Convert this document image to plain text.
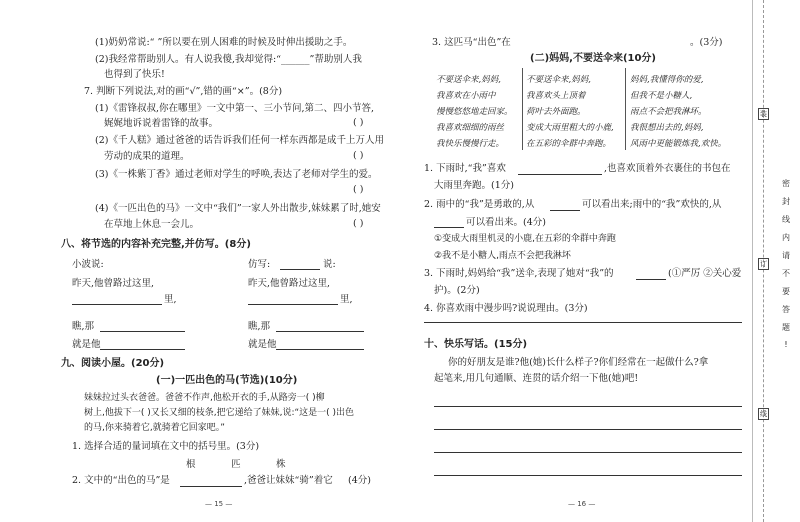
(1)奶奶常说:“ ”所以要在别人困难的时候及时伸出援助之手。
(2)我经常帮助别人。有人说我傻,我却觉得:“______”帮助别人我
也得到了快乐!
7. 判断下列说法,对的画“√”,错的画“×”。(8分)
(1)《雷锋叔叔,你在哪里》一文中第一、三小节问,第二、四小节答,
娓娓地诉说着雷锋的故事。	( )
(2)《千人糕》通过爸爸的话告诉我们任何一样东西都是成千上万人用
劳动的成果的道理。	( )
(3)《一株紫丁香》通过老师对学生的呼唤,表达了老师对学生的爱。
( )
(4)《一匹出色的马》一文中“我们”一家人外出散步,妹妹累了时,她安
在草地上休息一会儿。	( )
八、将节选的内容补充完整,并仿写。(8分)
小波说:	仿写:	说:
昨天,他曾路过这里,	昨天,他曾路过这里,
里,	里,
瞧,那	瞧,那
就是他	就是他
九、阅读小屋。(20分)
(一)一匹出色的马(节选)(10分)
妹妹拉过头衣爸爸。爸爸不作声,他松开衣的手,从路旁一( )柳
树上,他拔下一( )又长又细的枝条,把它递给了妹妹,说:“这是一( )出色
的马,你来骑着它,就骑着它回家吧。”
1. 选择合适的量词填在文中的括号里。(3分)
根	匹	株
2. 文中的“出色的马”是	,爸爸让妹妹“骑”着它 (4分)
— 15 —
3. 这匹马“出色”在	。(3分)
(二)妈妈,不要送伞来(10分)
不要送伞来,妈妈,
我喜欢在小雨中
慢慢悠悠地走回家。
我喜欢细细的雨丝
我快乐慢慢行走。
不要送伞来,妈妈,
我喜欢头上顶着
荷叶去外面跑。
变成大雨里粗大的小鹿,
在五彩的伞群中奔跑。
妈妈,我懂得你的爱,
但我不是小糖人,
雨点不会把我淋坏。
我很想出去的,妈妈,
风雨中更能锻炼我,欢快。
1. 下雨时,“我”喜欢	,也喜欢顶着外衣裹住的书包在
大雨里奔跑。(1分)
2. 雨中的“我”是勇敢的,从	可以看出来;雨中的“我”欢快的,从
可以看出来。(4分)
①变成大雨里机灵的小鹿,在五彩的伞群中奔跑
②我不是小糖人,雨点不会把我淋坏
3. 下雨时,妈妈给“我”送伞,表现了她对“我”的	(①严厉 ②关心爱
护)。(2分)
4. 你喜欢雨中漫步吗?说说理由。(3分)
十、快乐写话。(15分)
你的好朋友是谁?他(她)长什么样子?你们经常在一起做什么?拿
起笔来,用几句通顺、连贯的话介绍一下他(她)吧!
— 16 —
装
订
线
密
封
线
内
请
不
要
答
题
!
